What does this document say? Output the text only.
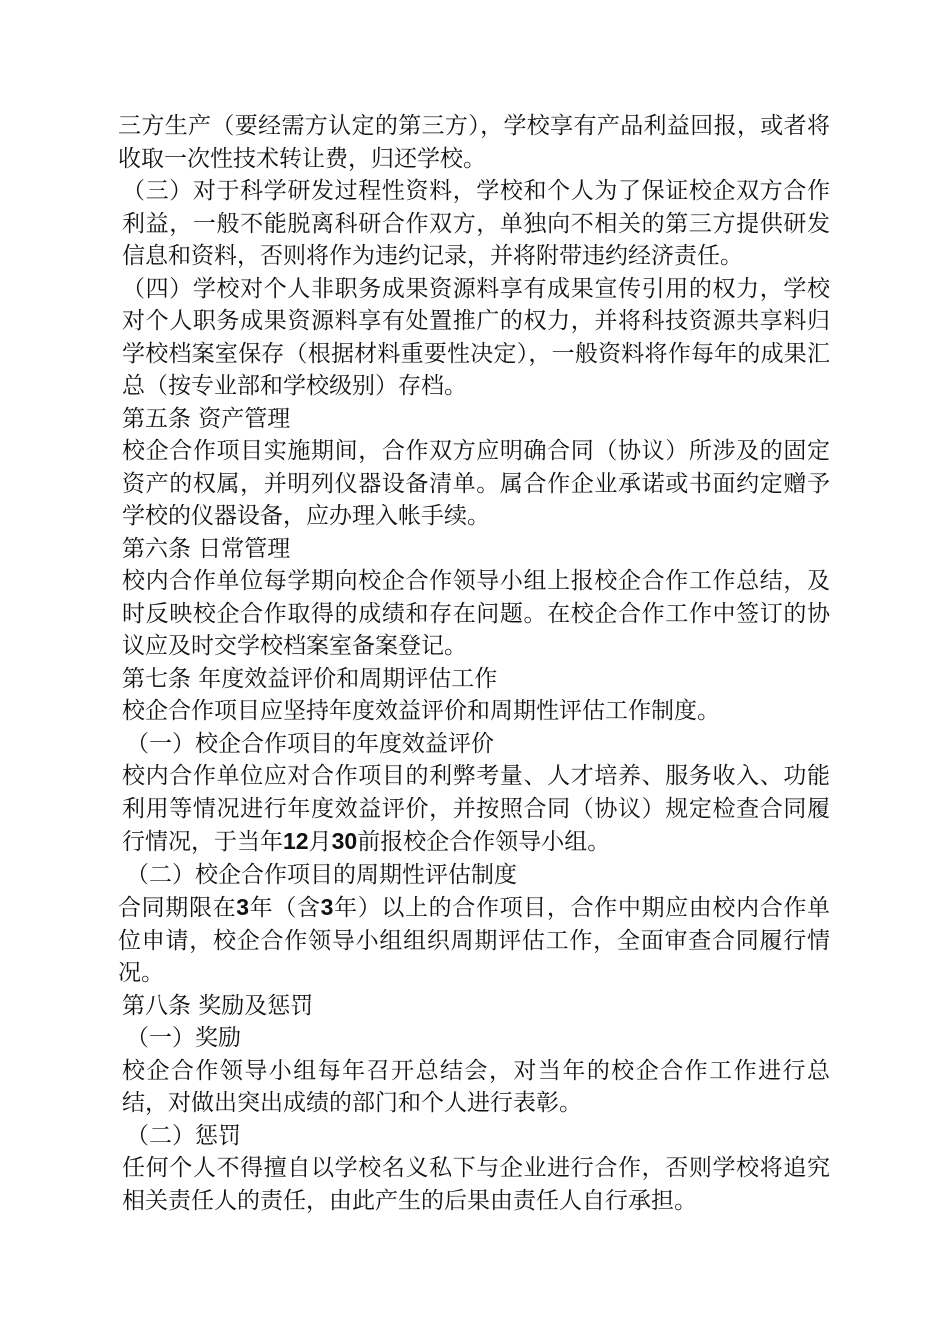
三方生产（要经需方认定的第三方），学校享有产品利益回报，或者将收取一次性技术转让费，归还学校。

（三）对于科学研发过程性资料，学校和个人为了保证校企双方合作利益，一般不能脱离科研合作双方，单独向不相关的第三方提供研发信息和资料，否则将作为违约记录，并将附带违约经济责任。

（四）学校对个人非职务成果资源料享有成果宣传引用的权力，学校对个人职务成果资源料享有处置推广的权力，并将科技资源共享料归学校档案室保存（根据材料重要性决定），一般资料将作每年的成果汇总（按专业部和学校级别）存档。

第五条 资产管理

校企合作项目实施期间，合作双方应明确合同（协议）所涉及的固定资产的权属，并明列仪器设备清单。属合作企业承诺或书面约定赠予学校的仪器设备，应办理入帐手续。

第六条 日常管理

校内合作单位每学期向校企合作领导小组上报校企合作工作总结，及时反映校企合作取得的成绩和存在问题。在校企合作工作中签订的协议应及时交学校档案室备案登记。

第七条 年度效益评价和周期评估工作

校企合作项目应坚持年度效益评价和周期性评估工作制度。

（一）校企合作项目的年度效益评价

校内合作单位应对合作项目的利弊考量、人才培养、服务收入、功能利用等情况进行年度效益评价，并按照合同（协议）规定检查合同履行情况，于当年12月30前报校企合作领导小组。

（二）校企合作项目的周期性评估制度

合同期限在3年（含3年）以上的合作项目，合作中期应由校内合作单位申请，校企合作领导小组组织周期评估工作，全面审查合同履行情况。

第八条 奖励及惩罚

（一）奖励

校企合作领导小组每年召开总结会，对当年的校企合作工作进行总结，对做出突出成绩的部门和个人进行表彰。

（二）惩罚

任何个人不得擅自以学校名义私下与企业进行合作，否则学校将追究相关责任人的责任，由此产生的后果由责任人自行承担。
